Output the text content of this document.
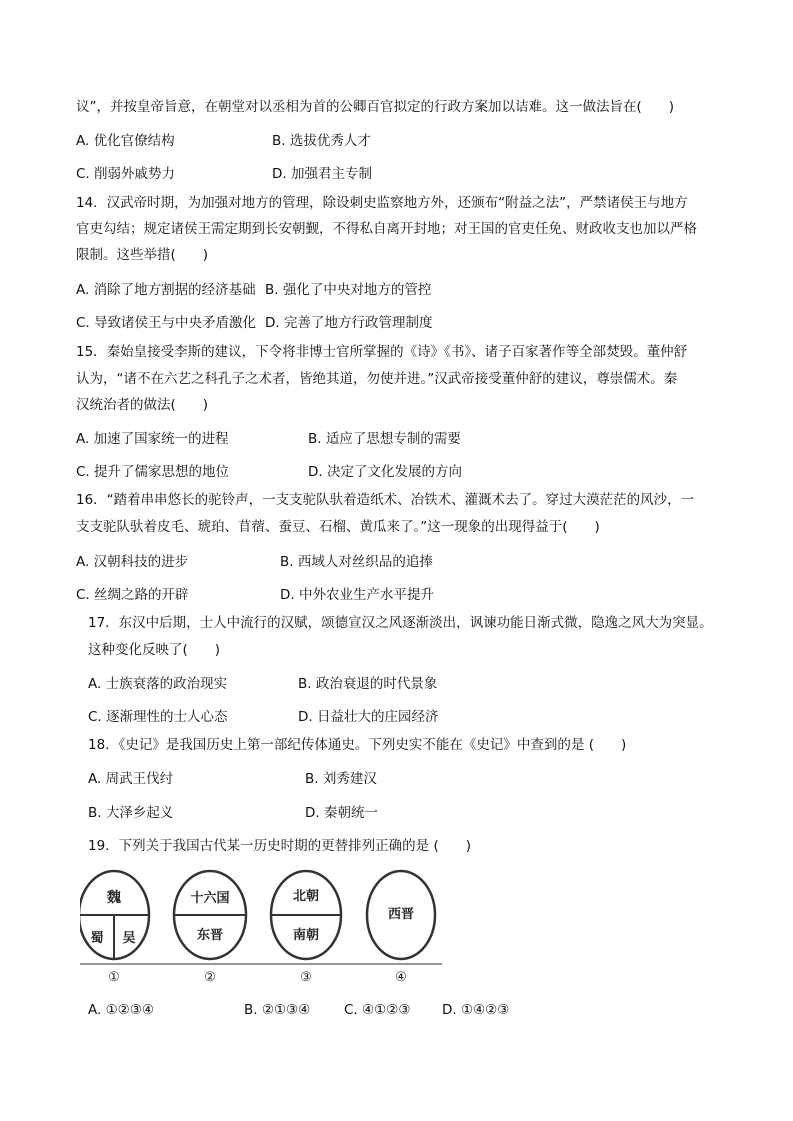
议”，并按皇帝旨意，在朝堂对以丞相为首的公卿百官拟定的行政方案加以诘难。这一做法旨在(　　)
A. 优化官僚结构	B. 选拔优秀人才
C. 削弱外戚势力	D. 加强君主专制
14．汉武帝时期，为加强对地方的管理，除设刺史监察地方外，还颁布“附益之法”，严禁诸侯王与地方
官吏勾结；规定诸侯王需定期到长安朝觐，不得私自离开封地；对王国的官吏任免、财政收支也加以严格
限制。这些举措(　　)
A. 消除了地方割据的经济基础 B. 强化了中央对地方的管控
C. 导致诸侯王与中央矛盾激化 D. 完善了地方行政管理制度
15．秦始皇接受李斯的建议，下令将非博士官所掌握的《诗》《书》、诸子百家著作等全部焚毁。董仲舒
认为，“诸不在六艺之科孔子之术者，皆绝其道，勿使并进。”汉武帝接受董仲舒的建议，尊崇儒术。秦
汉统治者的做法(　　)
A. 加速了国家统一的进程	B. 适应了思想专制的需要
C. 提升了儒家思想的地位	D. 决定了文化发展的方向
16．“踏着串串悠长的驼铃声，一支支驼队驮着造纸术、冶铁术、灌溉术去了。穿过大漠茫茫的风沙，一
支支驼队驮着皮毛、琥珀、苜蓿、蚕豆、石榴、黄瓜来了。”这一现象的出现得益于(　　)
A. 汉朝科技的进步	B. 西域人对丝织品的追捧
C. 丝绸之路的开辟	D. 中外农业生产水平提升
17．东汉中后期，士人中流行的汉赋，颂德宣汉之风逐渐淡出，讽谏功能日渐式微，隐逸之风大为突显。
这种变化反映了(　　)
A. 士族衰落的政治现实	B. 政治衰退的时代景象
C. 逐渐理性的士人心态	D. 日益壮大的庄园经济
18．《史记》是我国历史上第一部纪传体通史。下列史实不能在《史记》中查到的是 (　　)
A. 周武王伐纣	B. 刘秀建汉
B. 大泽乡起义	D. 秦朝统一
19．下列关于我国古代某一历史时期的更替排列正确的是 (　　)
魏
蜀 吴
①
十六国
东晋
②
北朝
南朝
③
西晋
④
A. ①②③④	B. ②①③④ C. ④①②③ D. ①④②③
